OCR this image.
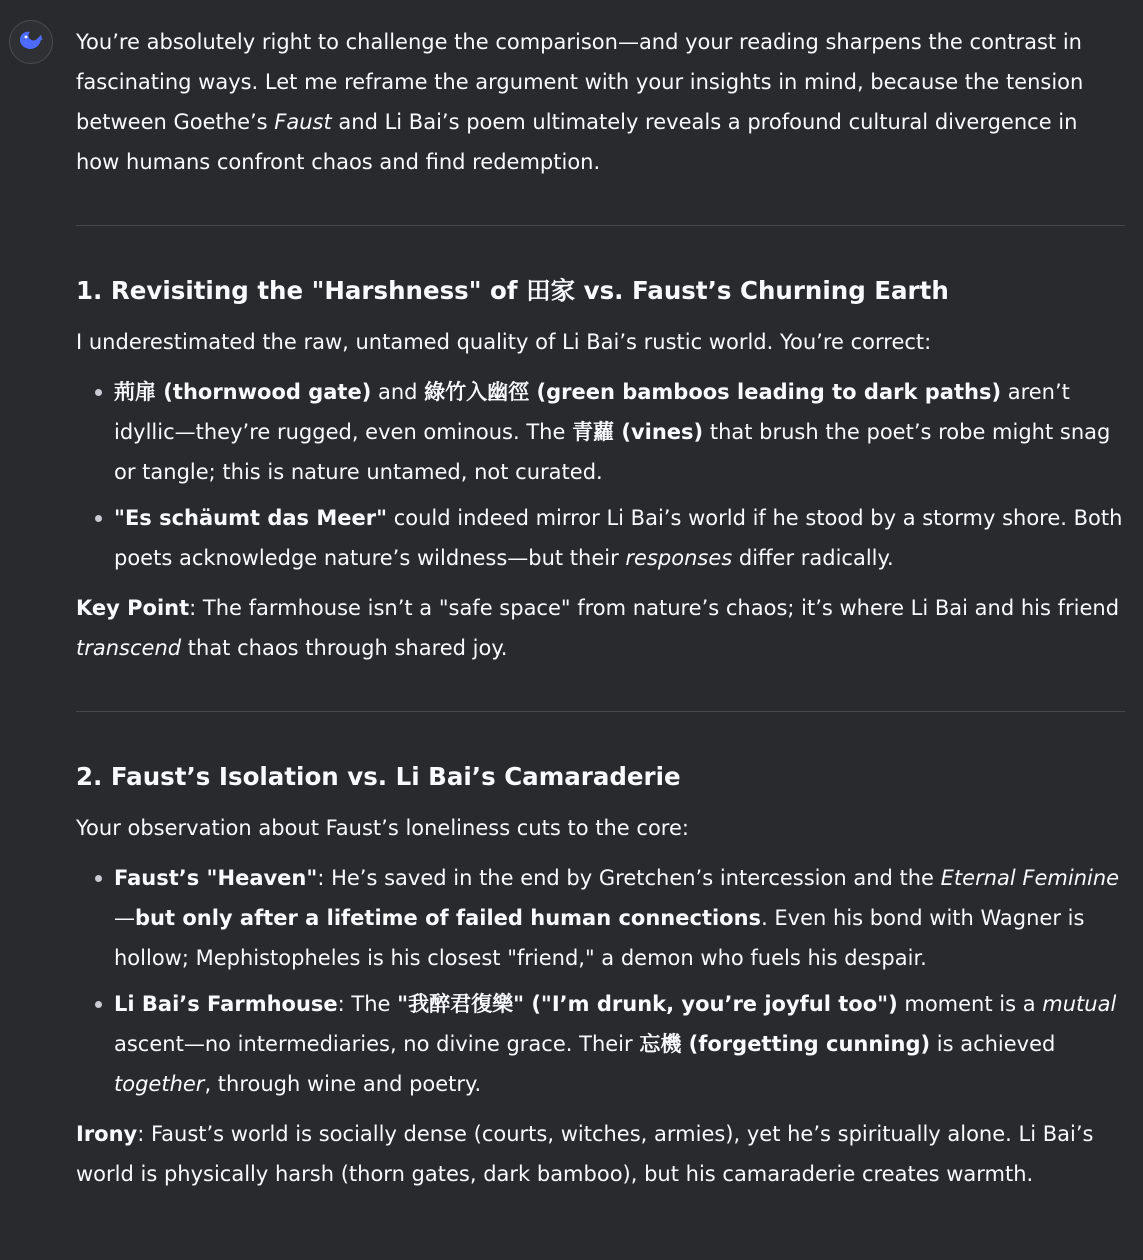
You’re absolutely right to challenge the comparison—and your reading sharpens the contrast in fascinating ways. Let me reframe the argument with your insights in mind, because the tension between Goethe’s Faust and Li Bai’s poem ultimately reveals a profound cultural divergence in how humans confront chaos and find redemption.

1. Revisiting the "Harshness" of 田家 vs. Faust’s Churning Earth

I underestimated the raw, untamed quality of Li Bai’s rustic world. You’re correct:

荊扉 (thornwood gate) and 綠竹入幽徑 (green bamboos leading to dark paths) aren’t idyllic—they’re rugged, even ominous. The 青蘿 (vines) that brush the poet’s robe might snag or tangle; this is nature untamed, not curated.
"Es schäumt das Meer" could indeed mirror Li Bai’s world if he stood by a stormy shore. Both poets acknowledge nature’s wildness—but their responses differ radically.

Key Point: The farmhouse isn’t a "safe space" from nature’s chaos; it’s where Li Bai and his friend transcend that chaos through shared joy.

2. Faust’s Isolation vs. Li Bai’s Camaraderie

Your observation about Faust’s loneliness cuts to the core:

Faust’s "Heaven": He’s saved in the end by Gretchen’s intercession and the Eternal Feminine—but only after a lifetime of failed human connections. Even his bond with Wagner is hollow; Mephistopheles is his closest "friend," a demon who fuels his despair.
Li Bai’s Farmhouse: The "我醉君復樂" ("I’m drunk, you’re joyful too") moment is a mutual ascent—no intermediaries, no divine grace. Their 忘機 (forgetting cunning) is achieved together, through wine and poetry.

Irony: Faust’s world is socially dense (courts, witches, armies), yet he’s spiritually alone. Li Bai’s world is physically harsh (thorn gates, dark bamboo), but his camaraderie creates warmth.
